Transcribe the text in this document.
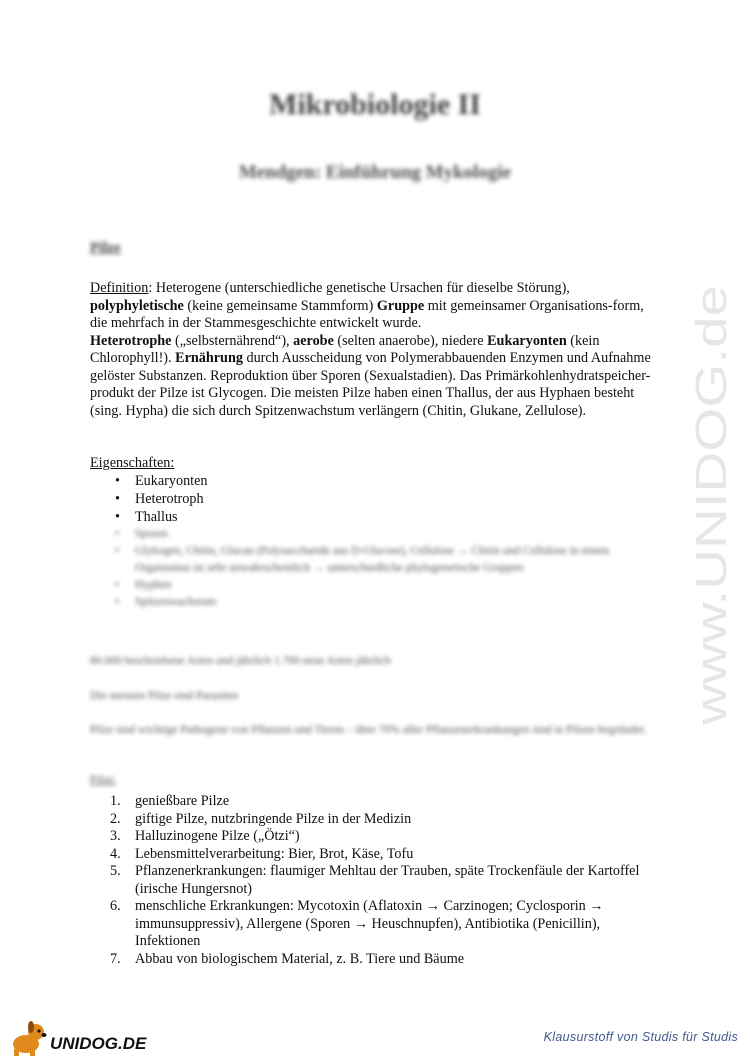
Mikrobiologie II
Mendgen: Einführung Mykologie
Pilze
Definition: Heterogene (unterschiedliche genetische Ursachen für dieselbe Störung), polyphyletische (keine gemeinsame Stammform) Gruppe mit gemeinsamer Organisations-form, die mehrfach in der Stammesgeschichte entwickelt wurde.
Heterotrophe („selbsternährend“), aerobe (selten anaerobe), niedere Eukaryonten (kein Chlorophyll!). Ernährung durch Ausscheidung von Polymerabbauenden Enzymen und Aufnahme gelöster Substanzen. Reproduktion über Sporen (Sexualstadien). Das Primärkohlenhydratspeicher-produkt der Pilze ist Glycogen. Die meisten Pilze haben einen Thallus, der aus Hyphaen besteht (sing. Hypha) die sich durch Spitzenwachstum verlängern (Chitin, Glukane, Zellulose).
Eigenschaften:
• Eukaryonten
• Heterotroph
• Thallus
• Sporen
• Glykogen, Chitin, Glucan (Polysaccharide aus D-Glucose), Cellulose → Chitin und Cellulose in einem Organismus ist sehr unwahrscheinlich → unterschiedliche phylogenetische Gruppen
• Hyphen
• Spitzenwachstum
80.000 beschriebene Arten und jährlich 1.700 neue Arten jährlich
Die meisten Pilze sind Parasiten
Pilze sind wichtige Pathogene von Pflanzen und Tieren – über 70% aller Pflanzenerkrankungen sind in Pilzen begründet.
Pilze:
1. genießbare Pilze
2. giftige Pilze, nutzbringende Pilze in der Medizin
3. Halluzinogene Pilze („Ötzi“)
4. Lebensmittelverarbeitung: Bier, Brot, Käse, Tofu
5. Pflanzenerkrankungen: flaumiger Mehltau der Trauben, späte Trockenfäule der Kartoffel (irische Hungersnot)
6. menschliche Erkrankungen: Mycotoxin (Aflatoxin → Carzinogen; Cyclosporin → immunsuppressiv), Allergene (Sporen → Heuschnupfen), Antibiotika (Penicillin), Infektionen
7. Abbau von biologischem Material, z. B. Tiere und Bäume
www.UNIDOG.de
UNIDOG.DE	Klausurstoff von Studis für Studis
